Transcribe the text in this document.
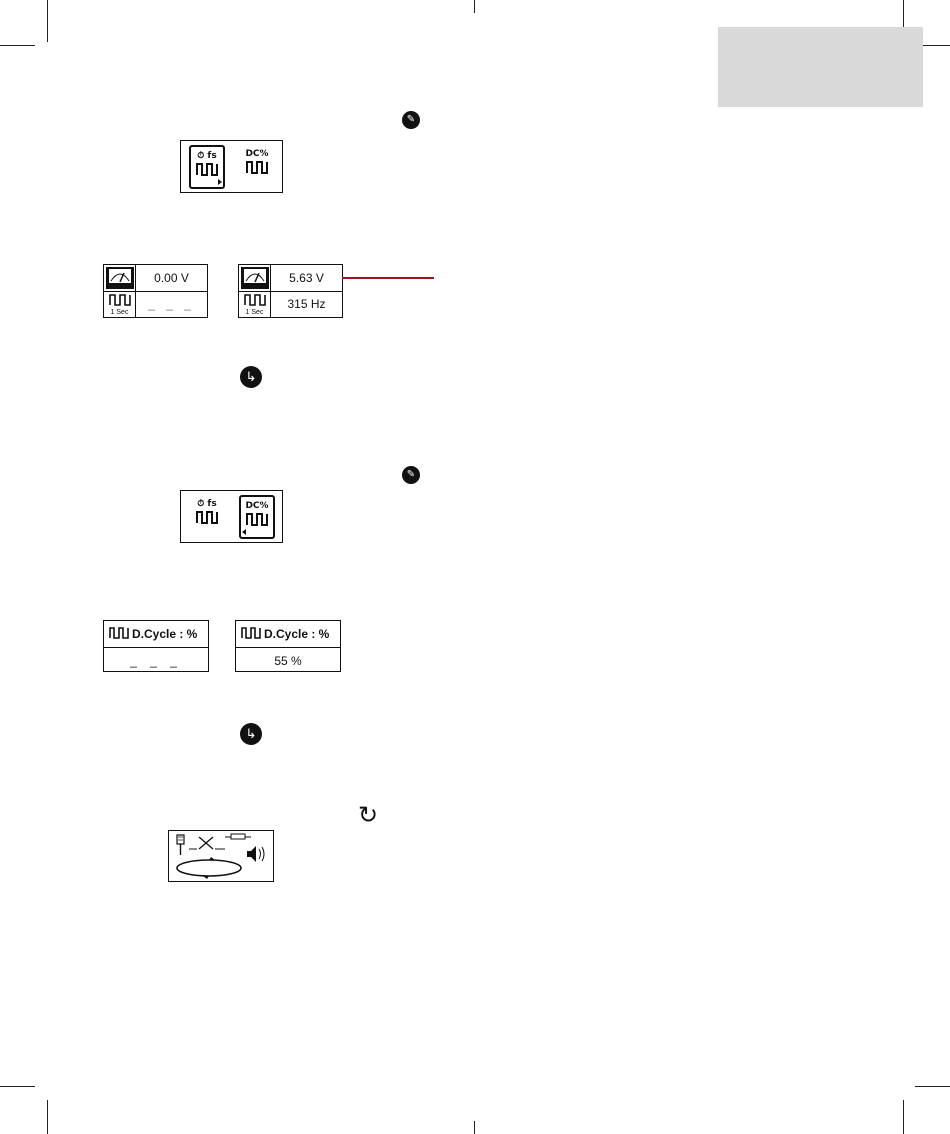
✎
⏱ fs	DC%
0.00 V
1 Sec
_ _ _
5.63 V
1 Sec
315 Hz
↳
✎
⏱ fs	DC%
D.Cycle : %
_ _ _
D.Cycle : %
55 %
↳
↻
